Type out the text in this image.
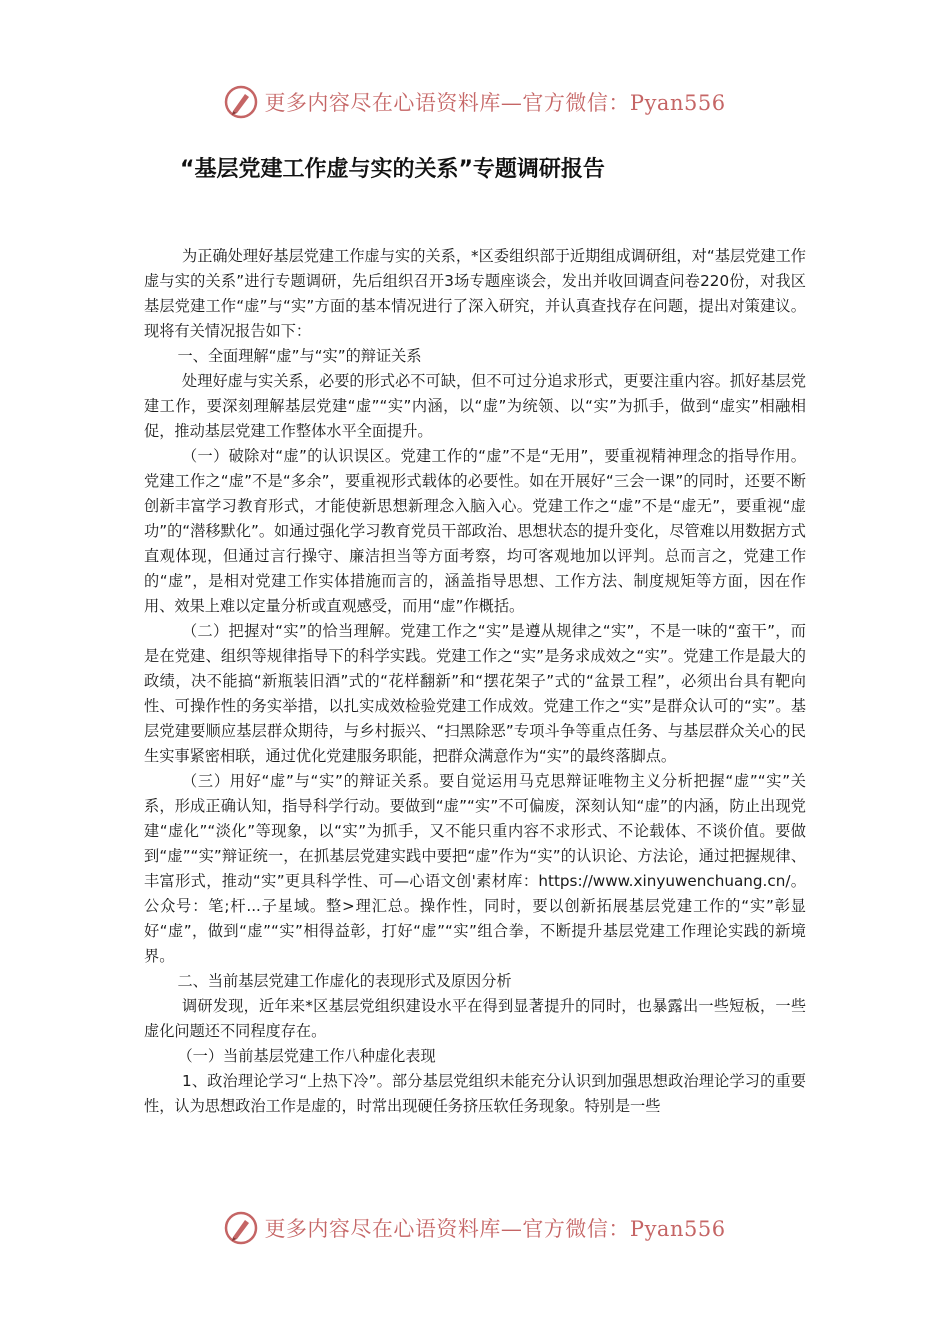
更多内容尽在心语资料库—官方微信：Pyan556
“基层党建工作虚与实的关系”专题调研报告

为正确处理好基层党建工作虚与实的关系，*区委组织部于近期组成调研组，对“基层党建工作虚与实的关系”进行专题调研，先后组织召开3场专题座谈会，发出并收回调查问卷220份，对我区基层党建工作“虚”与“实”方面的基本情况进行了深入研究，并认真查找存在问题，提出对策建议。现将有关情况报告如下：

一、全面理解“虚”与“实”的辩证关系

处理好虚与实关系，必要的形式必不可缺，但不可过分追求形式，更要注重内容。抓好基层党建工作，要深刻理解基层党建“虚”“实”内涵，以“虚”为统领、以“实”为抓手，做到“虚实”相融相促，推动基层党建工作整体水平全面提升。

（一）破除对“虚”的认识误区。党建工作的“虚”不是“无用”，要重视精神理念的指导作用。党建工作之“虚”不是“多余”，要重视形式载体的必要性。如在开展好“三会一课”的同时，还要不断创新丰富学习教育形式，才能使新思想新理念入脑入心。党建工作之“虚”不是“虚无”，要重视“虚功”的“潜移默化”。如通过强化学习教育党员干部政治、思想状态的提升变化，尽管难以用数据方式直观体现，但通过言行操守、廉洁担当等方面考察，均可客观地加以评判。总而言之，党建工作的“虚”，是相对党建工作实体措施而言的，涵盖指导思想、工作方法、制度规矩等方面，因在作用、效果上难以定量分析或直观感受，而用“虚”作概括。

（二）把握对“实”的恰当理解。党建工作之“实”是遵从规律之“实”，不是一味的“蛮干”，而是在党建、组织等规律指导下的科学实践。党建工作之“实”是务求成效之“实”。党建工作是最大的政绩，决不能搞“新瓶装旧酒”式的“花样翻新”和“摆花架子”式的“盆景工程”，必须出台具有靶向性、可操作性的务实举措，以扎实成效检验党建工作成效。党建工作之“实”是群众认可的“实”。基层党建要顺应基层群众期待，与乡村振兴、“扫黑除恶”专项斗争等重点任务、与基层群众关心的民生实事紧密相联，通过优化党建服务职能，把群众满意作为“实”的最终落脚点。

（三）用好“虚”与“实”的辩证关系。要自觉运用马克思辩证唯物主义分析把握“虚”“实”关系，形成正确认知，指导科学行动。要做到“虚”“实”不可偏废，深刻认知“虚”的内涵，防止出现党建“虚化”“淡化”等现象，以“实”为抓手，又不能只重内容不求形式、不论载体、不谈价值。要做到“虚”“实”辩证统一，在抓基层党建实践中要把“虚”作为“实”的认识论、方法论，通过把握规律、丰富形式，推动“实”更具科学性、可—心语文创'素材库：https://www.xinyuwenchuang.cn/。公众号：笔;杆...子星域。整>理汇总。操作性，同时，要以创新拓展基层党建工作的“实”彰显好“虚”，做到“虚”“实”相得益彰，打好“虚”“实”组合拳，不断提升基层党建工作理论实践的新境界。

二、当前基层党建工作虚化的表现形式及原因分析

调研发现，近年来*区基层党组织建设水平在得到显著提升的同时，也暴露出一些短板，一些虚化问题还不同程度存在。

（一）当前基层党建工作八种虚化表现

1、政治理论学习“上热下冷”。部分基层党组织未能充分认识到加强思想政治理论学习的重要性，认为思想政治工作是虚的，时常出现硬任务挤压软任务现象。特别是一些

更多内容尽在心语资料库—官方微信：Pyan556
